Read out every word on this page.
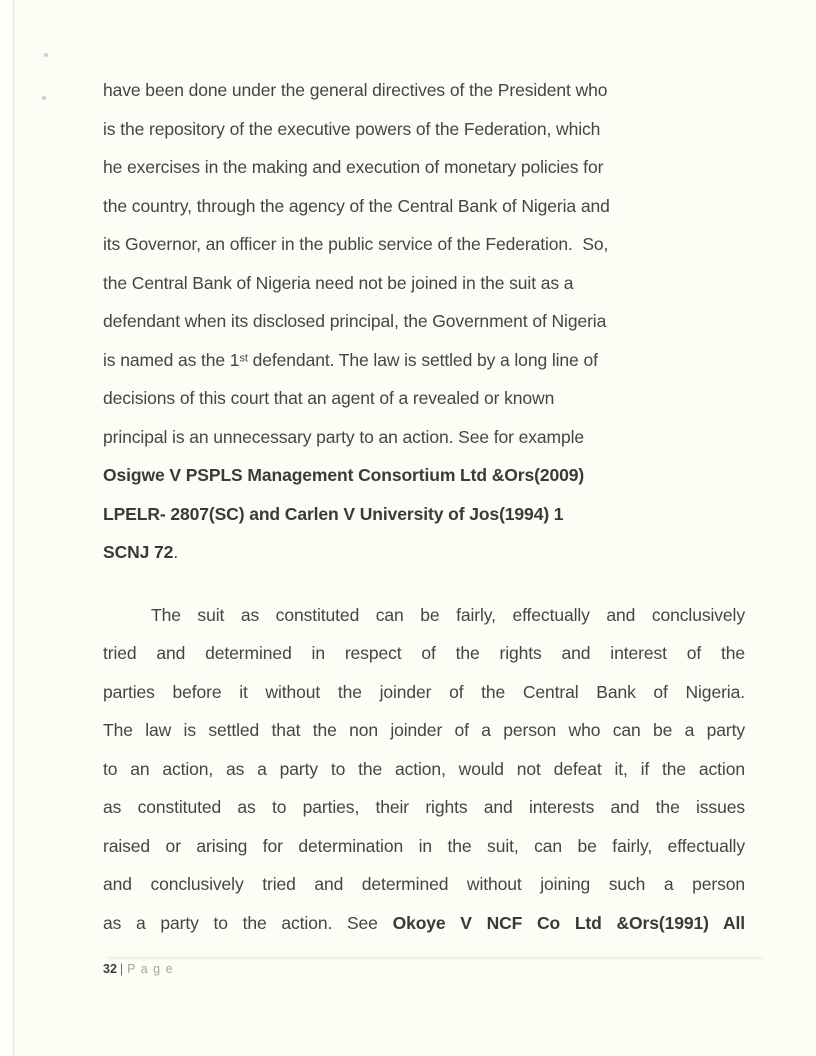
have been done under the general directives of the President who
is the repository of the executive powers of the Federation, which
he exercises in the making and execution of monetary policies for
the country, through the agency of the Central Bank of Nigeria and
its Governor, an officer in the public service of the Federation.  So,
the Central Bank of Nigeria need not be joined in the suit as a
defendant when its disclosed principal, the Government of Nigeria
is named as the 1st defendant. The law is settled by a long line of
decisions of this court that an agent of a revealed or known
principal is an unnecessary party to an action. See for example
Osigwe V PSPLS Management Consortium Ltd &Ors(2009)
LPELR- 2807(SC) and Carlen V University of Jos(1994) 1
SCNJ 72.
The suit as constituted can be fairly, effectually and conclusively
tried and determined in respect of the rights and interest of the
parties before it without the joinder of the Central Bank of Nigeria.
The law is settled that the non joinder of a person who can be a party
to an action, as a party to the action, would not defeat it, if the action
as constituted as to parties, their rights and interests and the issues
raised or arising for determination in the suit, can be fairly, effectually
and conclusively tried and determined without joining such a person
as a party to the action. See Okoye V NCF Co Ltd &Ors(1991) All
32 | P a g e
